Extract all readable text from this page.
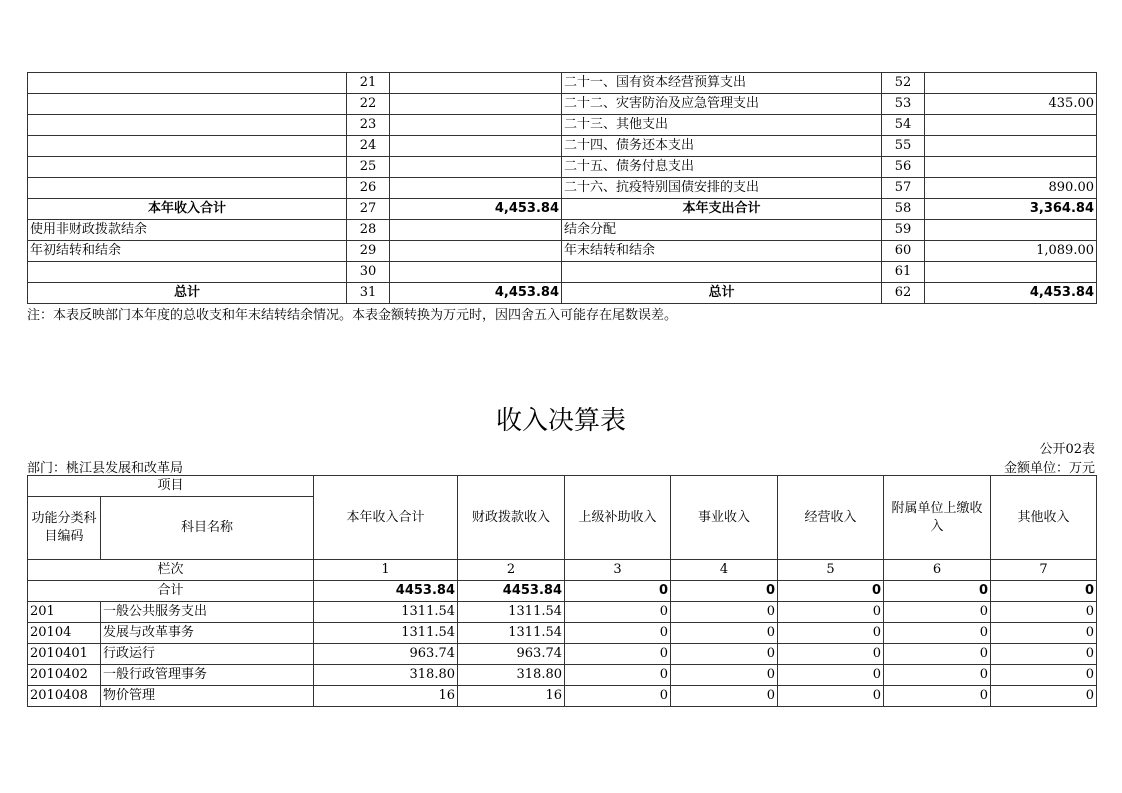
	21		二十一、国有资本经营预算支出	52	
	22		二十二、灾害防治及应急管理支出	53	435.00
	23		二十三、其他支出	54	
	24		二十四、债务还本支出	55	
	25		二十五、债务付息支出	56	
	26		二十六、抗疫特别国债安排的支出	57	890.00
本年收入合计	27	4,453.84	本年支出合计	58	3,364.84
使用非财政拨款结余	28		结余分配	59	
年初结转和结余	29		年末结转和结余	60	1,089.00
	30			61	
总计	31	4,453.84	总计	62	4,453.84
注：本表反映部门本年度的总收支和年末结转结余情况。本表金额转换为万元时，因四舍五入可能存在尾数误差。
收入决算表
公开02表
部门：桃江县发展和改革局	金额单位：万元
项目		本年收入合计	财政拨款收入	上级补助收入	事业收入	经营收入	附属单位上缴收入	其他收入
功能分类科目编码	科目名称							
栏次		1	2	3	4	5	6	7
合计		4453.84	4453.84	0	0	0	0	0
201	一般公共服务支出	1311.54	1311.54	0	0	0	0	0
20104	发展与改革事务	1311.54	1311.54	0	0	0	0	0
2010401	行政运行	963.74	963.74	0	0	0	0	0
2010402	一般行政管理事务	318.80	318.80	0	0	0	0	0
2010408	物价管理	16	16	0	0	0	0	0
